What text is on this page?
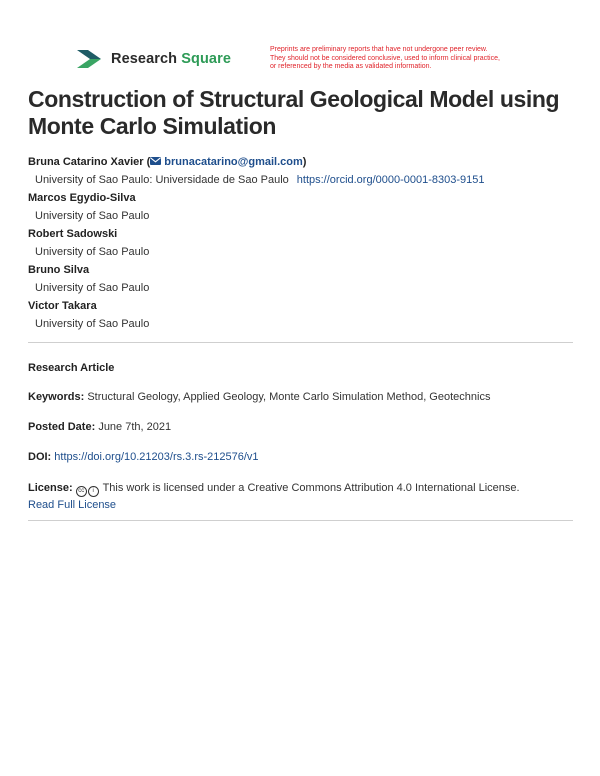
Research Square
Preprints are preliminary reports that have not undergone peer review.
They should not be considered conclusive, used to inform clinical practice,
or referenced by the media as validated information.
Construction of Structural Geological Model using Monte Carlo Simulation
Bruna Catarino Xavier ( brunacatarino@gmail.com)
University of Sao Paulo: Universidade de Sao Paulo https://orcid.org/0000-0001-8303-9151
Marcos Egydio-Silva
University of Sao Paulo
Robert Sadowski
University of Sao Paulo
Bruno Silva
University of Sao Paulo
Victor Takara
University of Sao Paulo
Research Article
Keywords: Structural Geology, Applied Geology, Monte Carlo Simulation Method, Geotechnics
Posted Date: June 7th, 2021
DOI: https://doi.org/10.21203/rs.3.rs-212576/v1
License: cc i This work is licensed under a Creative Commons Attribution 4.0 International License.
Read Full License
